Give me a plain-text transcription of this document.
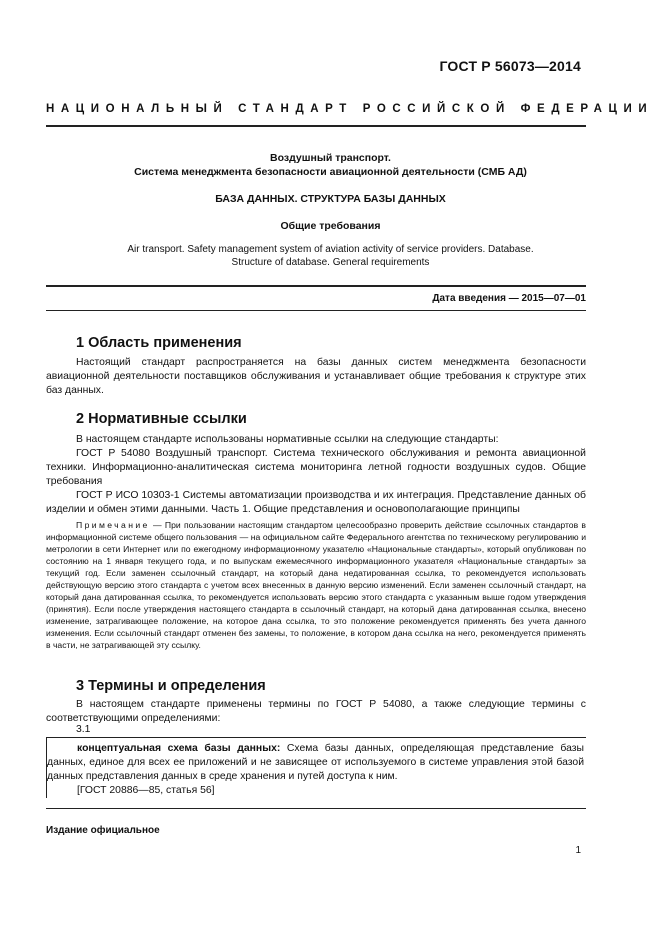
ГОСТ Р 56073—2014
НАЦИОНАЛЬНЫЙ СТАНДАРТ РОССИЙСКОЙ ФЕДЕРАЦИИ
Воздушный транспорт.
Система менеджмента безопасности авиационной деятельности (СМБ АД)
БАЗА ДАННЫХ. СТРУКТУРА БАЗЫ ДАННЫХ
Общие требования
Air transport. Safety management system of aviation activity of service providers. Database.
Structure of database. General requirements
Дата введения — 2015—07—01
1 Область применения

Настоящий стандарт распространяется на базы данных систем менеджмента безопасности авиационной деятельности поставщиков обслуживания и устанавливает общие требования к структуре этих баз данных.

2 Нормативные ссылки

В настоящем стандарте использованы нормативные ссылки на следующие стандарты:

ГОСТ Р 54080 Воздушный транспорт. Система технического обслуживания и ремонта авиационной техники. Информационно-аналитическая система мониторинга летной годности воздушных судов. Общие требования

ГОСТ Р ИСО 10303-1 Системы автоматизации производства и их интеграция. Представление данных об изделии и обмен этими данными. Часть 1. Общие представления и основополагающие принципы

Примечание — При пользовании настоящим стандартом целесообразно проверить действие ссылочных стандартов в информационной системе общего пользования — на официальном сайте Федерального агентства по техническому регулированию и метрологии в сети Интернет или по ежегодному информационному указателю «Национальные стандарты», который опубликован по состоянию на 1 января текущего года, и по выпускам ежемесячного информационного указателя «Национальные стандарты» за текущий год. Если заменен ссылочный стандарт, на который дана недатированная ссылка, то рекомендуется использовать действующую версию этого стандарта с учетом всех внесенных в данную версию изменений. Если заменен ссылочный стандарт, на который дана датированная ссылка, то рекомендуется использовать версию этого стандарта с указанным выше годом утверждения (принятия). Если после утверждения настоящего стандарта в ссылочный стандарт, на который дана датированная ссылка, внесено изменение, затрагивающее положение, на которое дана ссылка, то это положение рекомендуется применять без учета данного изменения. Если ссылочный стандарт отменен без замены, то положение, в котором дана ссылка на него, рекомендуется применять в части, не затрагивающей эту ссылку.

3 Термины и определения

В настоящем стандарте применены термины по ГОСТ Р 54080, а также следующие термины с соответствующими определениями:

3.1

концептуальная схема базы данных: Схема базы данных, определяющая представление базы данных, единое для всех ее приложений и не зависящее от используемого в системе управления этой базой данных представления данных в среде хранения и путей доступа к ним.

[ГОСТ 20886—85, статья 56]

Издание официальное
1
